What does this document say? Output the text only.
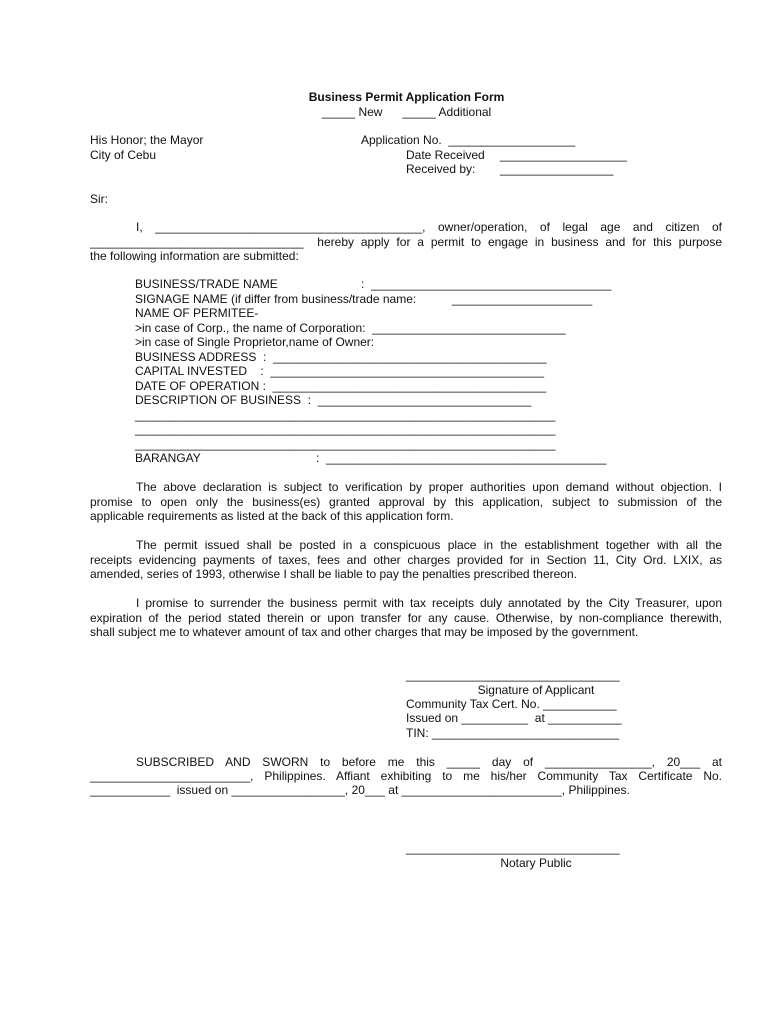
Business Permit Application Form
_____ New      _____ Additional
His Honor; the Mayor
City of Cebu
Application No.  ___________________
Date Received ___________________
Received by: _________________
Sir:
I,  ________________________________________,  owner/operation,  of  legal  age  and  citizen  of
________________________________  hereby apply for a permit to engage in business and for this purpose
the following information are submitted:
BUSINESS/TRADE NAME	:  ____________________________________
SIGNAGE NAME (if differ from business/trade name:	_____________________
NAME OF PERMITEE-
>in case of Corp., the name of Corporation:  _____________________________
>in case of Single Proprietor,name of Owner:
BUSINESS ADDRESS  :  _________________________________________
CAPITAL INVESTED    :  _________________________________________
DATE OF OPERATION :  _________________________________________
DESCRIPTION OF BUSINESS  :  ________________________________
_______________________________________________________________
_______________________________________________________________
_______________________________________________________________
BARANGAY	:  __________________________________________
The above declaration is subject to verification by proper authorities upon demand without objection. I
promise to open only the business(es) granted approval by this application, subject to submission of the
applicable requirements as listed at the back of this application form.
The permit issued shall be posted in a conspicuous place in the establishment together with all the
receipts evidencing payments of taxes, fees and other charges provided for in Section 11, City Ord. LXIX, as
amended, series of 1993, otherwise I shall be liable to pay the penalties prescribed thereon.
I promise to surrender the business permit with tax receipts duly annotated by the City Treasurer, upon
expiration of the period stated therein or upon transfer for any cause. Otherwise, by non-compliance therewith,
shall subject me to whatever amount of tax and other charges that may be imposed by the government.
________________________________
Signature of Applicant
Community Tax Cert. No. ___________
Issued on __________  at ___________
TIN: ____________________________
SUBSCRIBED  AND  SWORN  to  before  me  this  _____  day  of  ________________,  20___  at
________________________,  Philippines.  Affiant  exhibiting  to  me  his/her  Community  Tax  Certificate  No.
____________  issued on _________________, 20___ at ________________________, Philippines.
________________________________
Notary Public
